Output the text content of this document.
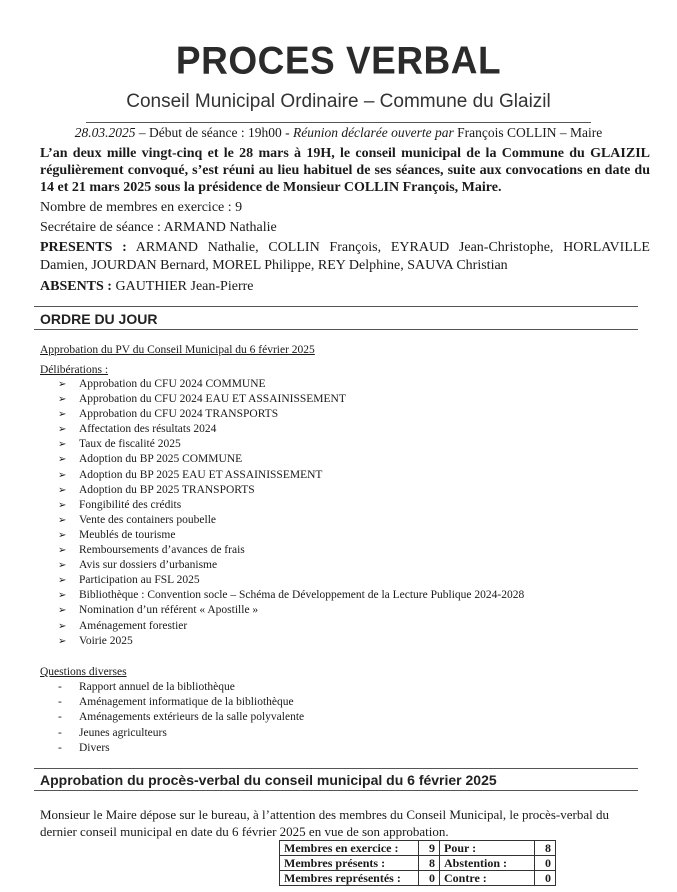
PROCES VERBAL
Conseil Municipal Ordinaire – Commune du Glaizil
28.03.2025 – Début de séance : 19h00 - Réunion déclarée ouverte par François COLLIN – Maire
L’an deux mille vingt-cinq et le 28 mars à 19H, le conseil municipal de la Commune du GLAIZIL régulièrement convoqué, s’est réuni au lieu habituel de ses séances, suite aux convocations en date du 14 et 21 mars 2025 sous la présidence de Monsieur COLLIN François, Maire.
Nombre de membres en exercice : 9
Secrétaire de séance : ARMAND Nathalie
PRESENTS : ARMAND Nathalie, COLLIN François, EYRAUD Jean-Christophe, HORLAVILLE Damien, JOURDAN Bernard, MOREL Philippe, REY Delphine, SAUVA Christian
ABSENTS : GAUTHIER Jean-Pierre
ORDRE DU JOUR
Approbation du PV du Conseil Municipal du 6 février 2025
Délibérations :
➢ Approbation du CFU 2024 COMMUNE
➢ Approbation du CFU 2024 EAU ET ASSAINISSEMENT
➢ Approbation du CFU 2024 TRANSPORTS
➢ Affectation des résultats 2024
➢ Taux de fiscalité 2025
➢ Adoption du BP 2025 COMMUNE
➢ Adoption du BP 2025 EAU ET ASSAINISSEMENT
➢ Adoption du BP 2025 TRANSPORTS
➢ Fongibilité des crédits
➢ Vente des containers poubelle
➢ Meublés de tourisme
➢ Remboursements d’avances de frais
➢ Avis sur dossiers d’urbanisme
➢ Participation au FSL 2025
➢ Bibliothèque : Convention socle – Schéma de Développement de la Lecture Publique 2024-2028
➢ Nomination d’un référent « Apostille »
➢ Aménagement forestier
➢ Voirie 2025
Questions diverses
- Rapport annuel de la bibliothèque
- Aménagement informatique de la bibliothèque
- Aménagements extérieurs de la salle polyvalente
- Jeunes agriculteurs
- Divers
Approbation du procès-verbal du conseil municipal du 6 février 2025
Monsieur le Maire dépose sur le bureau, à l’attention des membres du Conseil Municipal, le procès-verbal du dernier conseil municipal en date du 6 février 2025 en vue de son approbation.
Membres en exercice :	9	Pour :	8
Membres présents :	8	Abstention :	0
Membres représentés :	0	Contre :	0
